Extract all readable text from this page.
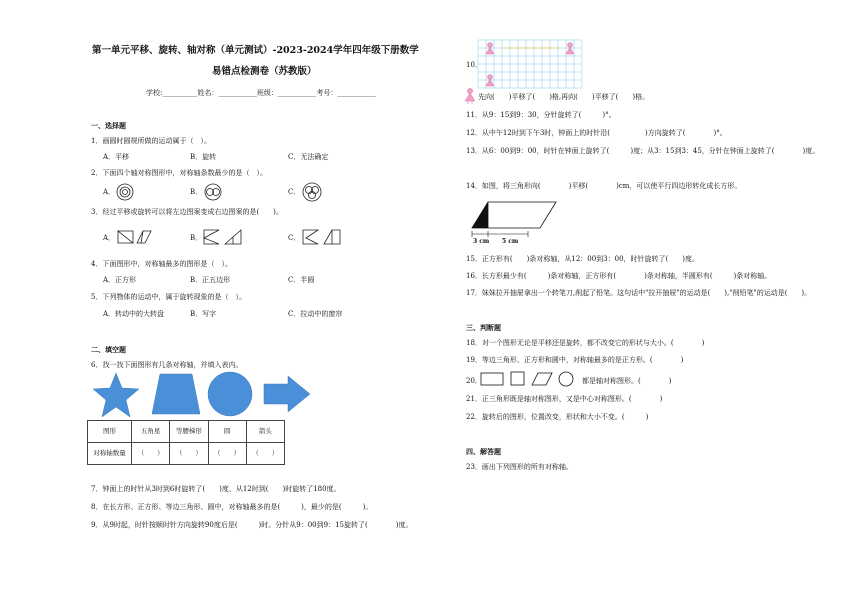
第一单元平移、旋转、轴对称（单元测试）-2023-2024学年四年级下册数学
易错点检测卷（苏教版）
学校:__________姓名：___________班级：___________考号：___________
一、选择题
1．画圆时圆规所做的运动属于（　）。
A．平移	B．旋转	C．无法确定
2．下面四个轴对称图形中，对称轴条数最少的是（　）。
A．	B．	C．
3．经过平移或旋转可以将左边图案变成右边图案的是(　　)。
A．	B．	C．
4．下面图形中，对称轴最多的图形是（　）。
A．正方形	B．正五边形	C．半圆
5．下列物体的运动中，属于旋转现象的是（　）。
A．转动中的大转盘	B．写字	C．拉动中的窗帘
二、填空题
6．找一找下面图形有几条对称轴，并填入表内。
图形	五角星	等腰梯形	圆	箭头
对称轴数量	（　　）	（　　）	（　　）	（　　）
7．钟面上的时针从3时到6时旋转了(　　)度，从12时到(　　)时旋转了180度。
8．在长方形、正方形、等边三角形、圆中，对称轴最多的是(　　　)，最少的是(　　　)。
9．从9时起，时针按顺时针方向旋转90度后是(　　　)时。分针从9：00到9：15旋转了(　　　　)度。
10．
先向(　　)平移了(　　)格,再向(　　)平移了(　　)格。
11．从9：15到9：30，分针旋转了(　　　)°。
12．从中午12时到下午3时，钟面上的时针沿(　　　　　)方向旋转了(　　　　)°。
13．从6：00到9：00，时针在钟面上旋转了(　　　)度；从3：15到3：45，分针在钟面上旋转了(　　　　)度。
14．如图，将三角形向(　　　　)平移(　　　　)cm，可以使平行四边形转化成长方形。
3 cm 5 cm
15．正方形有(　　)条对称轴，从12：00到3：00，时针旋转了(　　)度。
16．长方形最少有(　　　)条对称轴，正方形有(　　　　)条对称轴，半圆形有(　　　)条对称轴。
17．妹妹拉开抽屉拿出一个转笔刀,削起了铅笔。这句话中"拉开抽屉"的运动是(　　),"削铅笔"的运动是(　　)。
三、判断题
18．对一个图形无论是平移还是旋转，都不改变它的形状与大小。(　　　　)
19．等边三角形、正方形和圆中，对称轴最多的是正方形。(　　　　)
20．	都是轴对称图形。(　　　　)
21．正三角形既是轴对称图形，又是中心对称图形。(　　　　)
22．旋转后的图形，位置改变，形状和大小不变。(　　　)
四、解答题
23．画出下列图形的所有对称轴。
